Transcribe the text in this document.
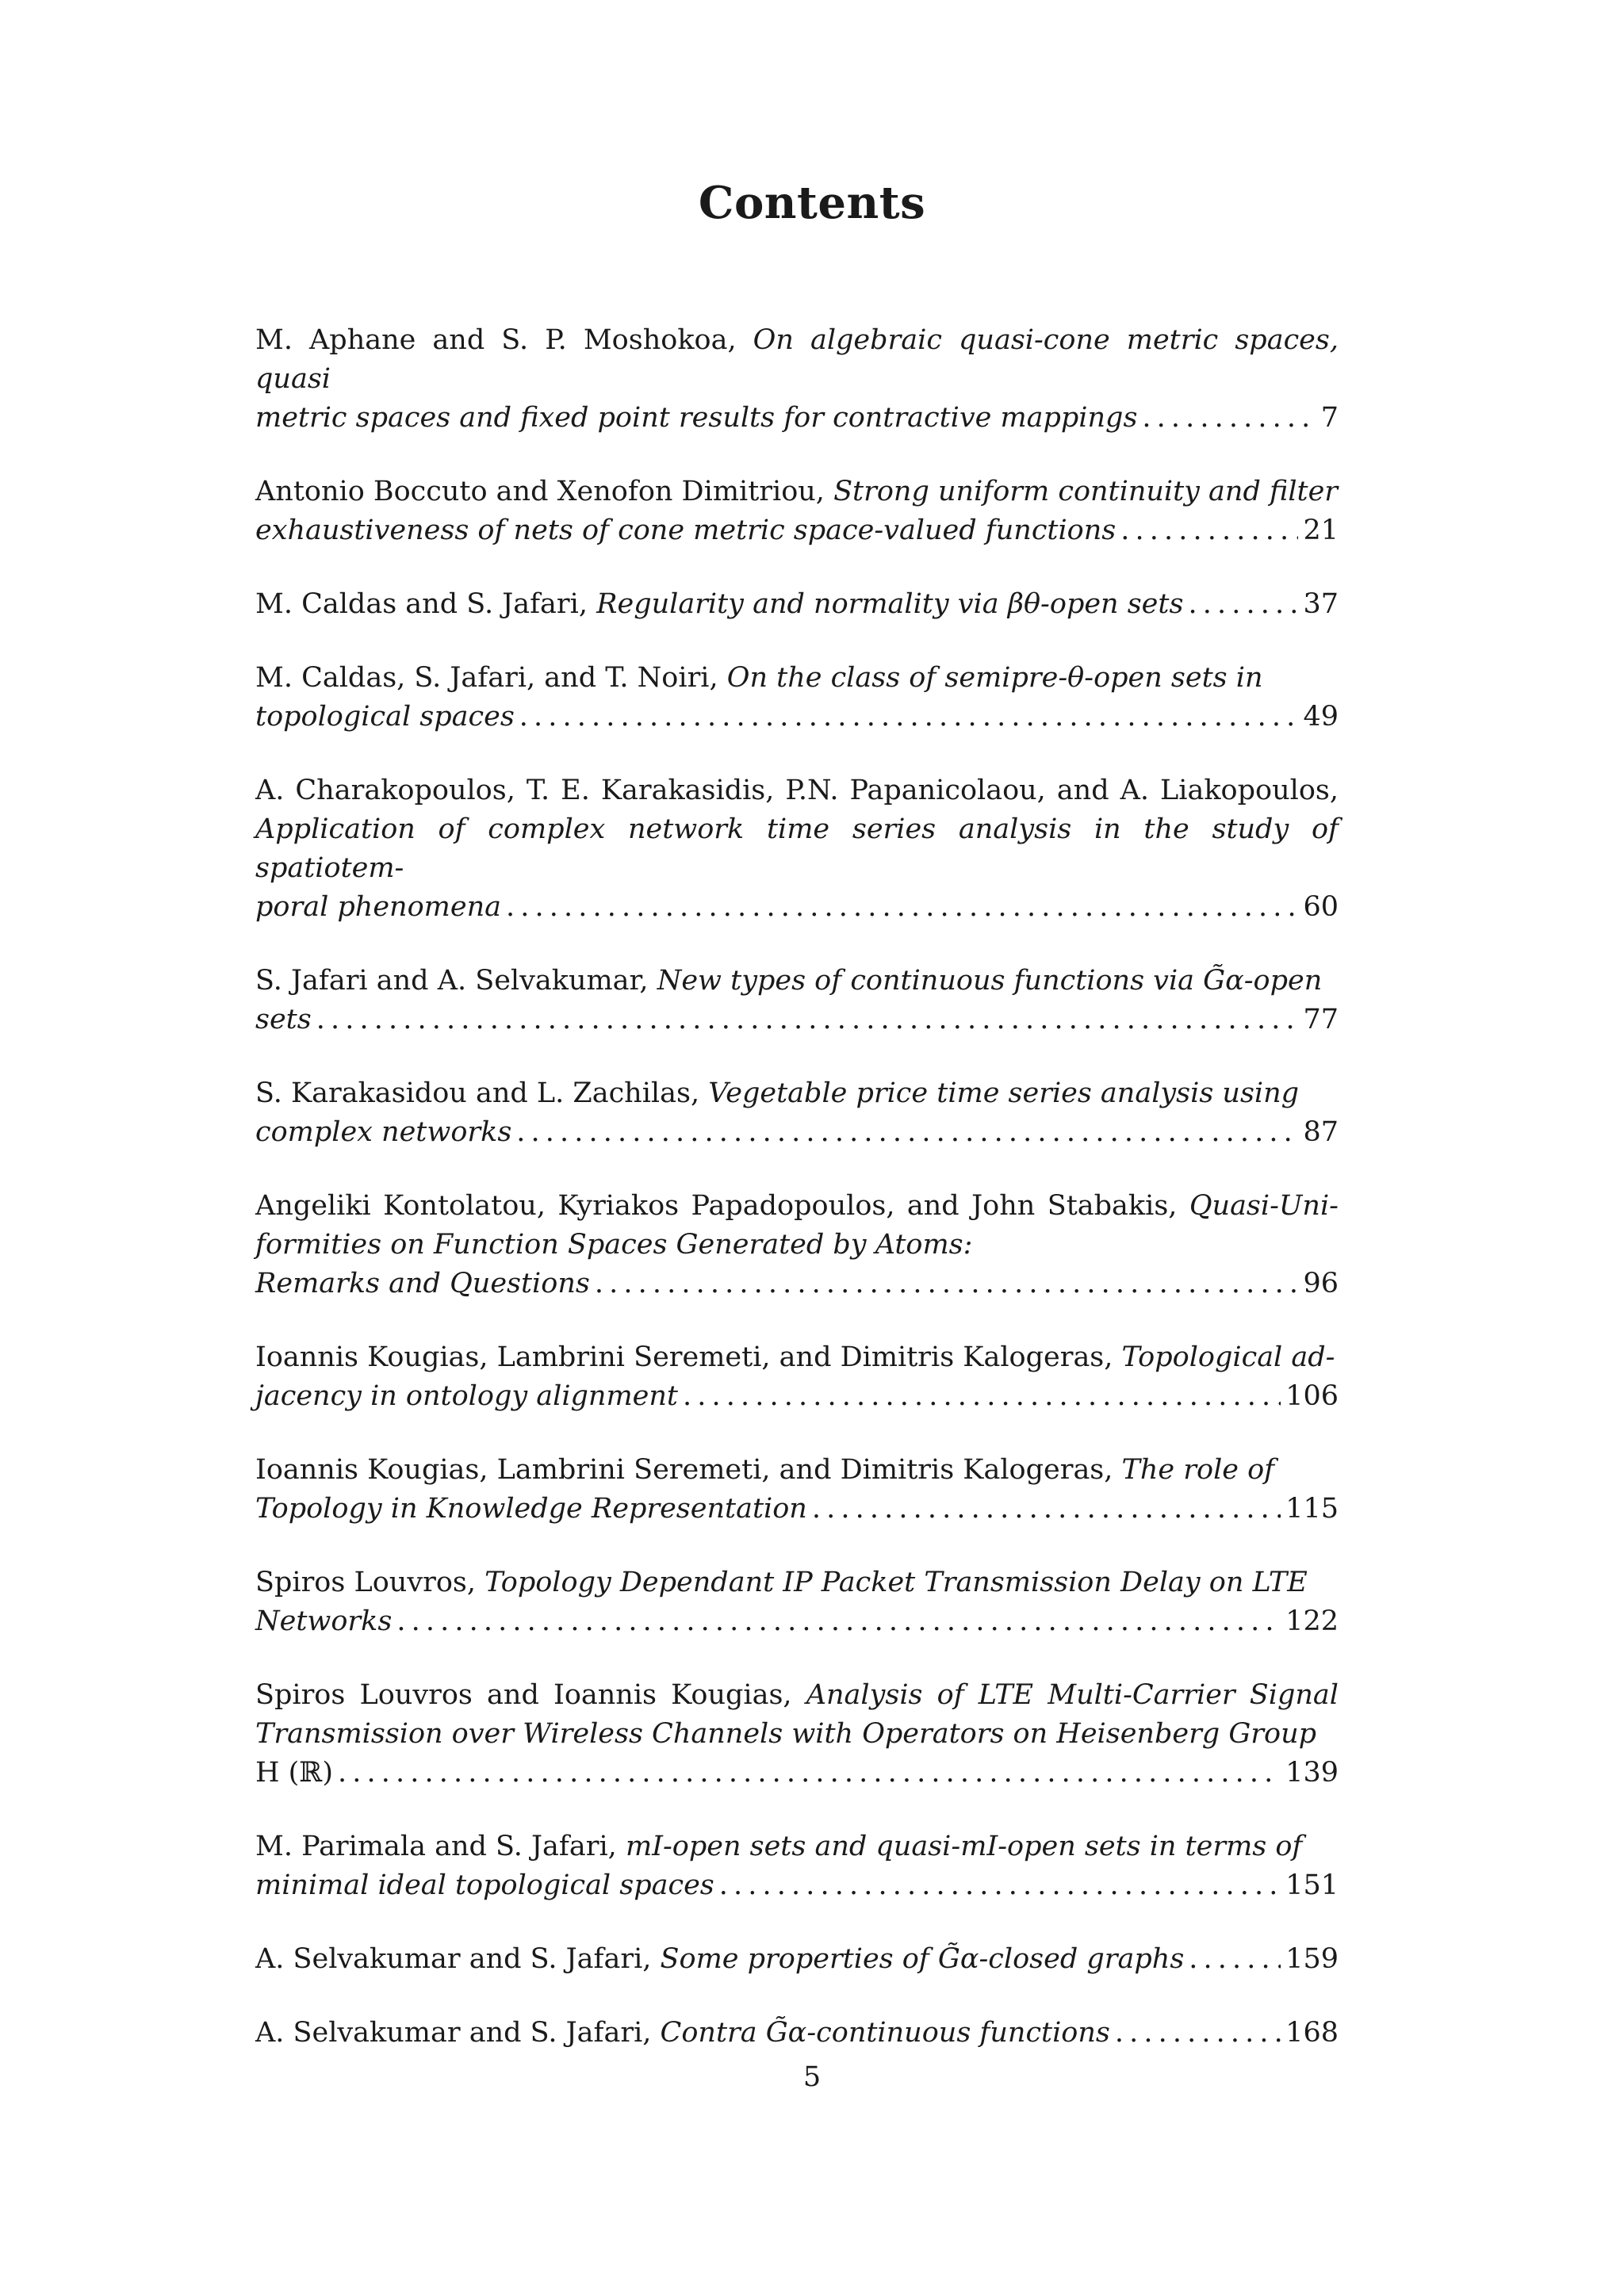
Contents
M. Aphane and S. P. Moshokoa, On algebraic quasi-cone metric spaces, quasi
metric spaces and fixed point results for contractive mappings . . .	7
Antonio Boccuto and Xenofon Dimitriou, Strong uniform continuity and filter
exhaustiveness of nets of cone metric space-valued functions . . .	21
M. Caldas and S. Jafari,
Regularity and normality via βθ-open sets . . .	37
M. Caldas, S. Jafari, and T. Noiri, On the class of semipre-θ-open sets in
topological spaces . . .	49
A. Charakopoulos, T. E. Karakasidis, P.N. Papanicolaou, and A. Liakopoulos, Application of complex network time series analysis in the study of spatiotem-
poral phenomena . . .	60
S. Jafari and A. Selvakumar, New types of continuous functions via G̃α-open
sets . . .	77
S. Karakasidou and L. Zachilas, Vegetable price time series analysis using
complex networks . . .	87
Angeliki Kontolatou, Kyriakos Papadopoulos, and John Stabakis, Quasi-Uni- formities on Function Spaces Generated by Atoms:
Remarks and Questions . . .	96
Ioannis Kougias, Lambrini Seremeti, and Dimitris Kalogeras, Topological ad-
jacency in ontology alignment . . .	106
Ioannis Kougias, Lambrini Seremeti, and Dimitris Kalogeras, The role of
Topology in Knowledge Representation . . .	115
Spiros Louvros, Topology Dependant IP Packet Transmission Delay on LTE
Networks . . .	122
Spiros Louvros and Ioannis Kougias, Analysis of LTE Multi-Carrier Signal Transmission over Wireless Channels with Operators on Heisenberg Group
H (ℝ) . . .	139
M. Parimala and S. Jafari, mI-open sets and quasi-mI-open sets in terms of
minimal ideal topological spaces . . .	151
A. Selvakumar and S. Jafari,
Some properties of G̃α-closed graphs . . .	159
A. Selvakumar and S. Jafari,
Contra G̃α-continuous functions . . .	168
5
